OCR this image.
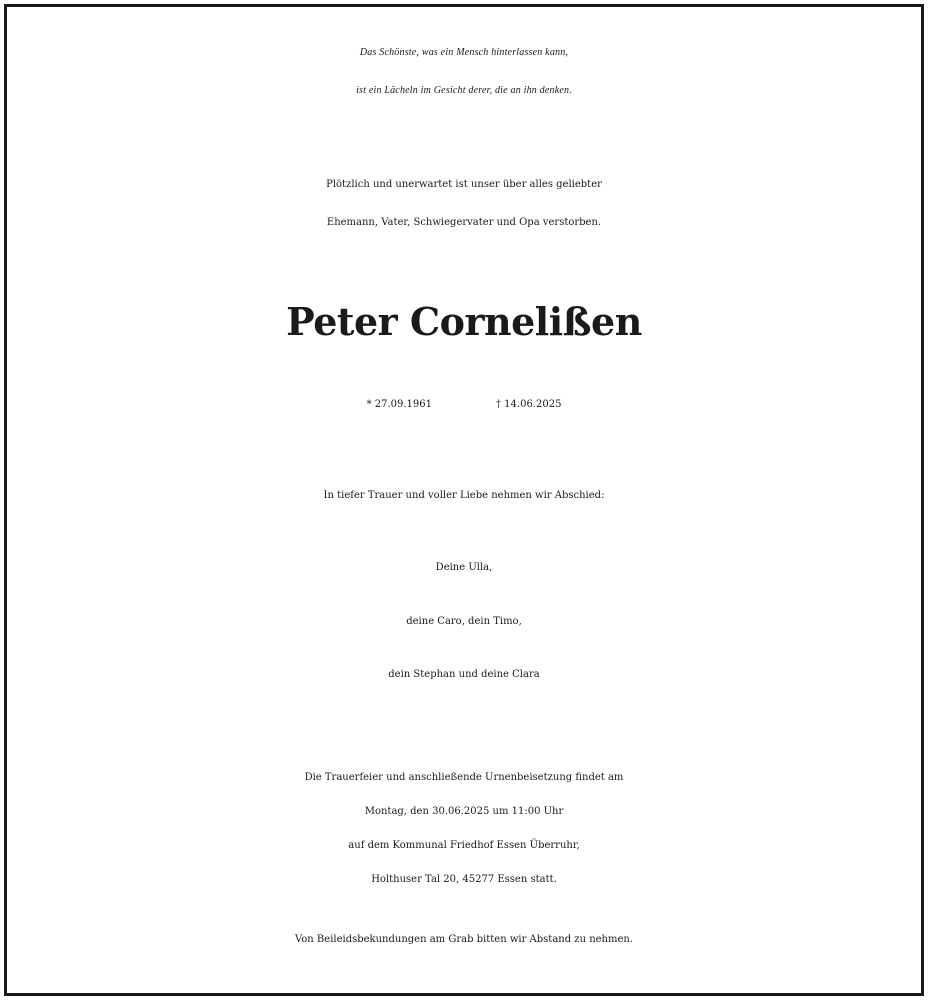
Das Schönste, was ein Mensch hinterlassen kann,

ist ein Lächeln im Gesicht derer, die an ihn denken.

Plötzlich und unerwartet ist unser über alles geliebter

Ehemann, Vater, Schwiegervater und Opa verstorben.

Peter Cornelißen

* 27.09.1961	† 14.06.2025

In tiefer Trauer und voller Liebe nehmen wir Abschied:

Deine Ulla,

deine Caro, dein Timo,

dein Stephan und deine Clara

Die Trauerfeier und anschließende Urnenbeisetzung findet am

Montag, den 30.06.2025 um 11:00 Uhr

auf dem Kommunal Friedhof Essen Überruhr,

Holthuser Tal 20, 45277 Essen statt.

Von Beileidsbekundungen am Grab bitten wir Abstand zu nehmen.
